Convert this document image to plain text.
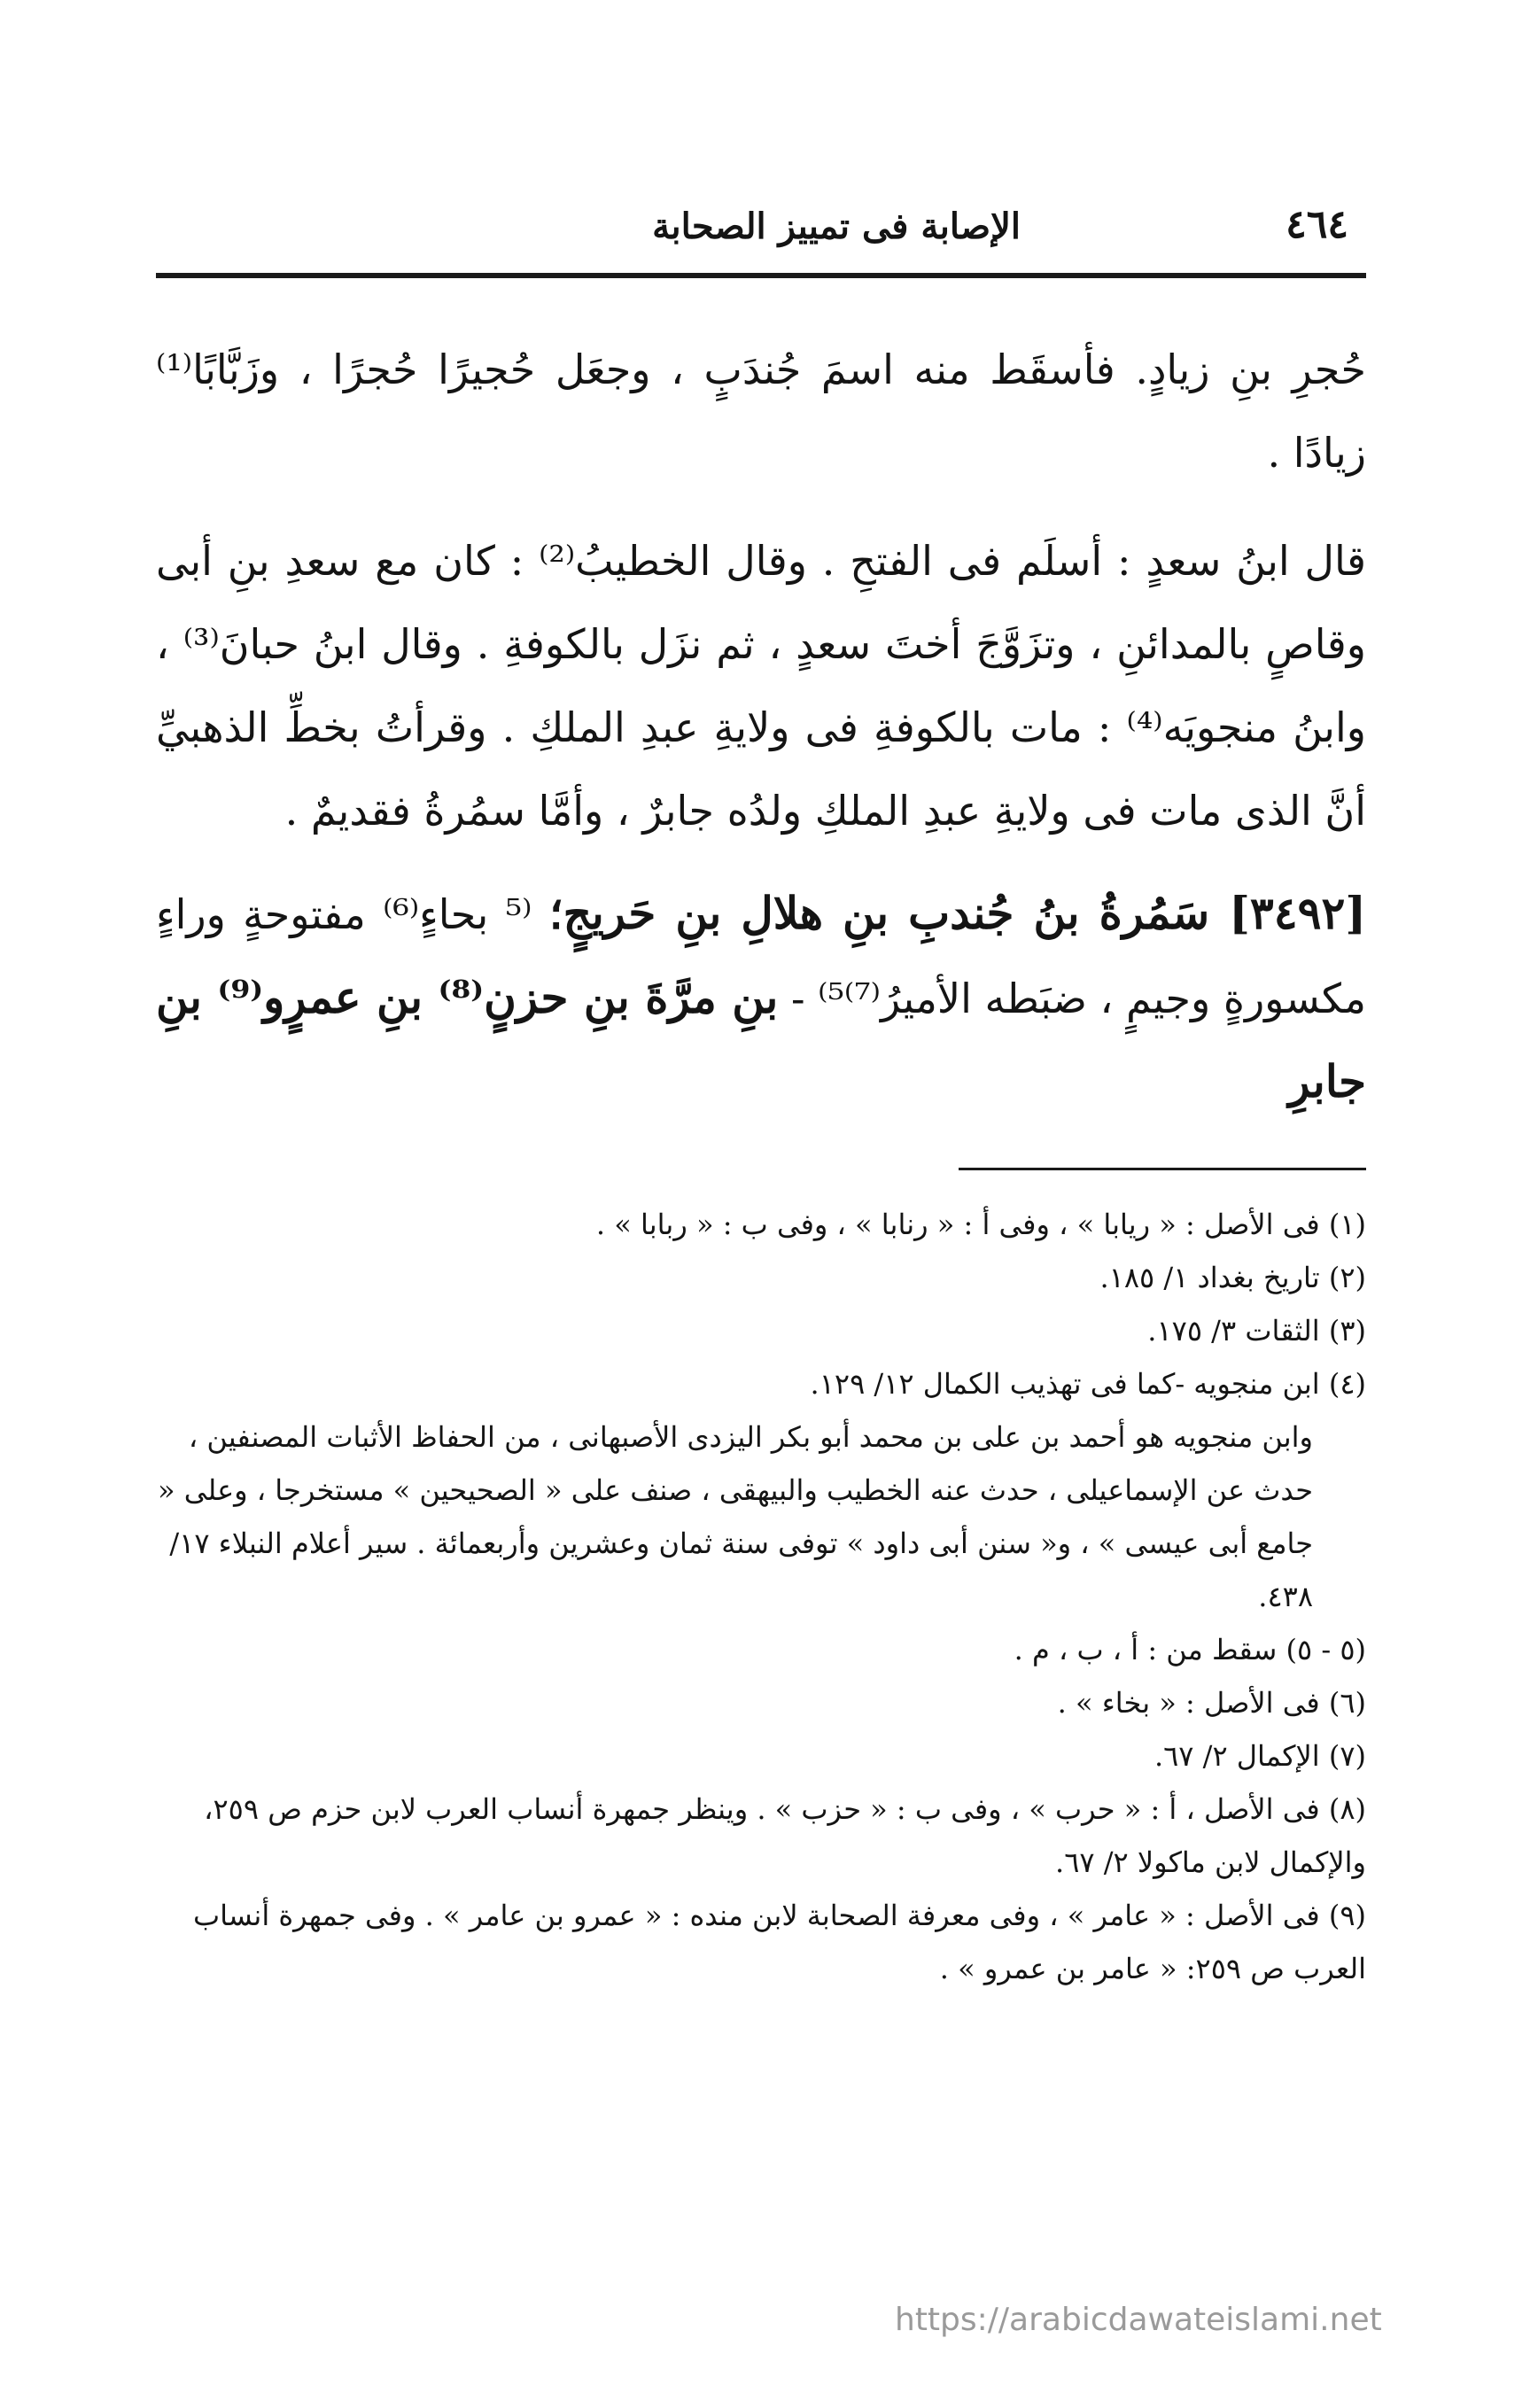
٤٦٤
الإصابة فى تمييز الصحابة

حُجرِ بنِ زيادٍ. فأسقَط منه اسمَ جُندَبٍ ، وجعَل حُجيرًا حُجرًا ، وزَبَّابًا⁽¹⁾ زيادًا .

قال ابنُ سعدٍ : أسلَم فى الفتحِ . وقال الخطيبُ⁽²⁾ : كان مع سعدِ بنِ أبى وقاصٍ بالمدائنِ ، وتزَوَّجَ أختَ سعدٍ ، ثم نزَل بالكوفةِ . وقال ابنُ حبانَ⁽³⁾ ، وابنُ منجويَه⁽⁴⁾ : مات بالكوفةِ فى ولايةِ عبدِ الملكِ . وقرأتُ بخطِّ الذهبيِّ أنَّ الذى مات فى ولايةِ عبدِ الملكِ ولدُه جابرٌ ، وأمَّا سمُرةُ فقديمٌ .

[٣٤٩٢] سَمُرةُ بنُ جُندبِ بنِ هلالِ بنِ حَريجٍ؛ ⁽⁵ بحاءٍ⁽⁶⁾ مفتوحةٍ وراءٍ مكسورةٍ وجيمٍ ، ضبَطه الأميرُ⁽⁷⁾⁵⁾ - بنِ مرَّةَ بنِ حزنٍ⁽⁸⁾ بنِ عمرٍو⁽⁹⁾ بنِ جابرِ

(١) فى الأصل : « ريابا » ، وفى أ : « رنابا » ، وفى ب : « ربابا » .

(٢) تاريخ بغداد ١/ ١٨٥.

(٣) الثقات ٣/ ١٧٥.

(٤) ابن منجويه -كما فى تهذيب الكمال ١٢/ ١٢٩.

وابن منجويه هو أحمد بن على بن محمد أبو بكر اليزدى الأصبهانى ، من الحفاظ الأثبات المصنفين ، حدث عن الإسماعيلى ، حدث عنه الخطيب والبيهقى ، صنف على « الصحيحين » مستخرجا ، وعلى « جامع أبى عيسى » ، و« سنن أبى داود » توفى سنة ثمان وعشرين وأربعمائة . سير أعلام النبلاء ١٧/ ٤٣٨.

(٥ - ٥) سقط من : أ ، ب ، م .

(٦) فى الأصل : « بخاء » .

(٧) الإكمال ٢/ ٦٧.

(٨) فى الأصل ، أ : « حرب » ، وفى ب : « حزب » . وينظر جمهرة أنساب العرب لابن حزم ص ٢٥٩، والإكمال لابن ماكولا ٢/ ٦٧.

(٩) فى الأصل : « عامر » ، وفى معرفة الصحابة لابن منده : « عمرو بن عامر » . وفى جمهرة أنساب العرب ص ٢٥٩: « عامر بن عمرو » .

https://arabicdawateislami.net
